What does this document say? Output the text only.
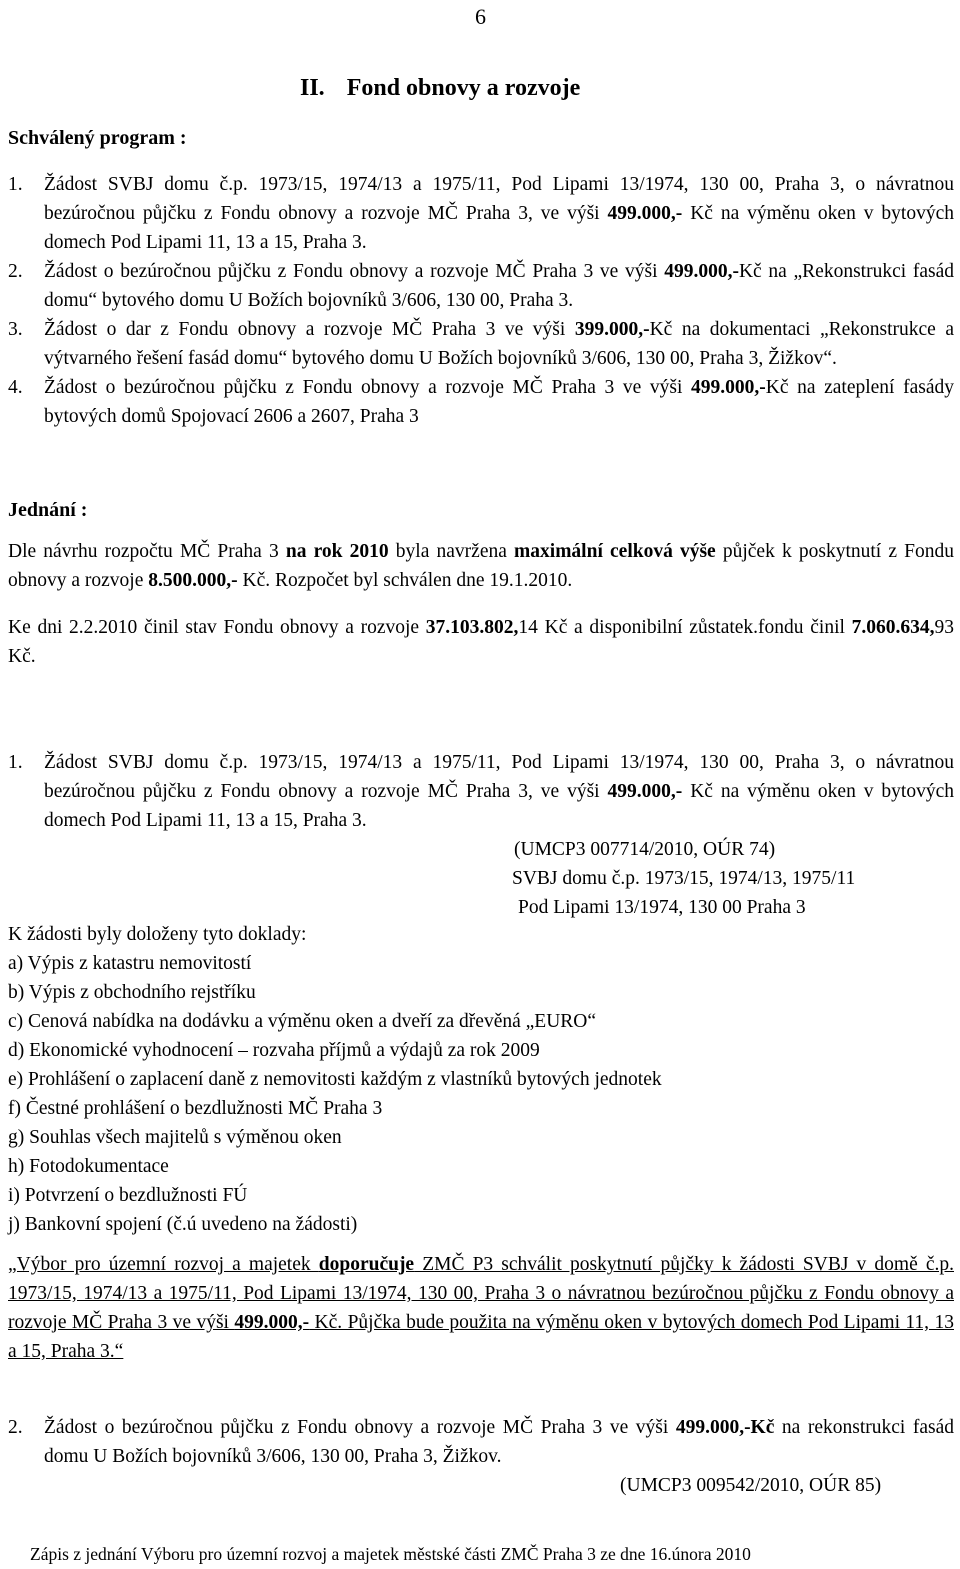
6
II. Fond obnovy a rozvoje
Schválený program :
1.	Žádost SVBJ domu č.p. 1973/15, 1974/13 a 1975/11, Pod Lipami 13/1974, 130 00, Praha 3, o návratnou bezúročnou půjčku z Fondu obnovy a rozvoje MČ Praha 3, ve výši 499.000,- Kč na výměnu oken v bytových domech Pod Lipami 11, 13 a 15, Praha 3.
2.	Žádost o bezúročnou půjčku z Fondu obnovy a rozvoje MČ Praha 3 ve výši 499.000,-Kč na „Rekonstrukci fasád domu“ bytového domu U Božích bojovníků 3/606, 130 00, Praha 3.
3.	Žádost o dar z Fondu obnovy a rozvoje MČ Praha 3 ve výši 399.000,-Kč na dokumentaci „Rekonstrukce a výtvarného řešení fasád domu“ bytového domu U Božích bojovníků 3/606, 130 00, Praha 3, Žižkov“.
4.	Žádost o bezúročnou půjčku z Fondu obnovy a rozvoje MČ Praha 3 ve výši 499.000,-Kč na zateplení fasády bytových domů Spojovací 2606 a 2607, Praha 3
Jednání :
Dle návrhu rozpočtu MČ Praha 3 na rok 2010 byla navržena maximální celková výše půjček k poskytnutí z Fondu obnovy a rozvoje 8.500.000,- Kč. Rozpočet byl schválen dne 19.1.2010.
Ke dni 2.2.2010 činil stav Fondu obnovy a rozvoje 37.103.802,14 Kč a disponibilní zůstatek.fondu činil 7.060.634,93 Kč.
1.	Žádost SVBJ domu č.p. 1973/15, 1974/13 a 1975/11, Pod Lipami 13/1974, 130 00, Praha 3, o návratnou bezúročnou půjčku z Fondu obnovy a rozvoje MČ Praha 3, ve výši 499.000,- Kč na výměnu oken v bytových domech Pod Lipami 11, 13 a 15, Praha 3.
(UMCP3 007714/2010, OÚR 74)
SVBJ domu č.p. 1973/15, 1974/13, 1975/11
Pod Lipami 13/1974, 130 00 Praha 3
K žádosti byly doloženy tyto doklady:
a) Výpis z katastru nemovitostí
b) Výpis z obchodního rejstříku
c) Cenová nabídka na dodávku a výměnu oken a dveří za dřevěná „EURO“
d) Ekonomické vyhodnocení – rozvaha příjmů a výdajů za rok 2009
e) Prohlášení o zaplacení daně z nemovitosti každým z vlastníků bytových jednotek
f) Čestné prohlášení o bezdlužnosti MČ Praha 3
g) Souhlas všech majitelů s výměnou oken
h) Fotodokumentace
i) Potvrzení o bezdlužnosti FÚ
j) Bankovní spojení (č.ú uvedeno na žádosti)
„Výbor pro územní rozvoj a majetek doporučuje ZMČ P3 schválit poskytnutí půjčky k žádosti SVBJ v domě č.p. 1973/15, 1974/13 a 1975/11, Pod Lipami 13/1974, 130 00, Praha 3 o návratnou bezúročnou půjčku z Fondu obnovy a rozvoje MČ Praha 3 ve výši 499.000,- Kč. Půjčka bude použita na výměnu oken v bytových domech Pod Lipami 11, 13 a 15, Praha 3.“
2.	Žádost o bezúročnou půjčku z Fondu obnovy a rozvoje MČ Praha 3 ve výši 499.000,-Kč na rekonstrukci fasád domu U Božích bojovníků 3/606, 130 00, Praha 3, Žižkov.
(UMCP3 009542/2010, OÚR 85)
Zápis z jednání Výboru pro územní rozvoj a majetek městské části ZMČ Praha 3 ze dne 16.února 2010
